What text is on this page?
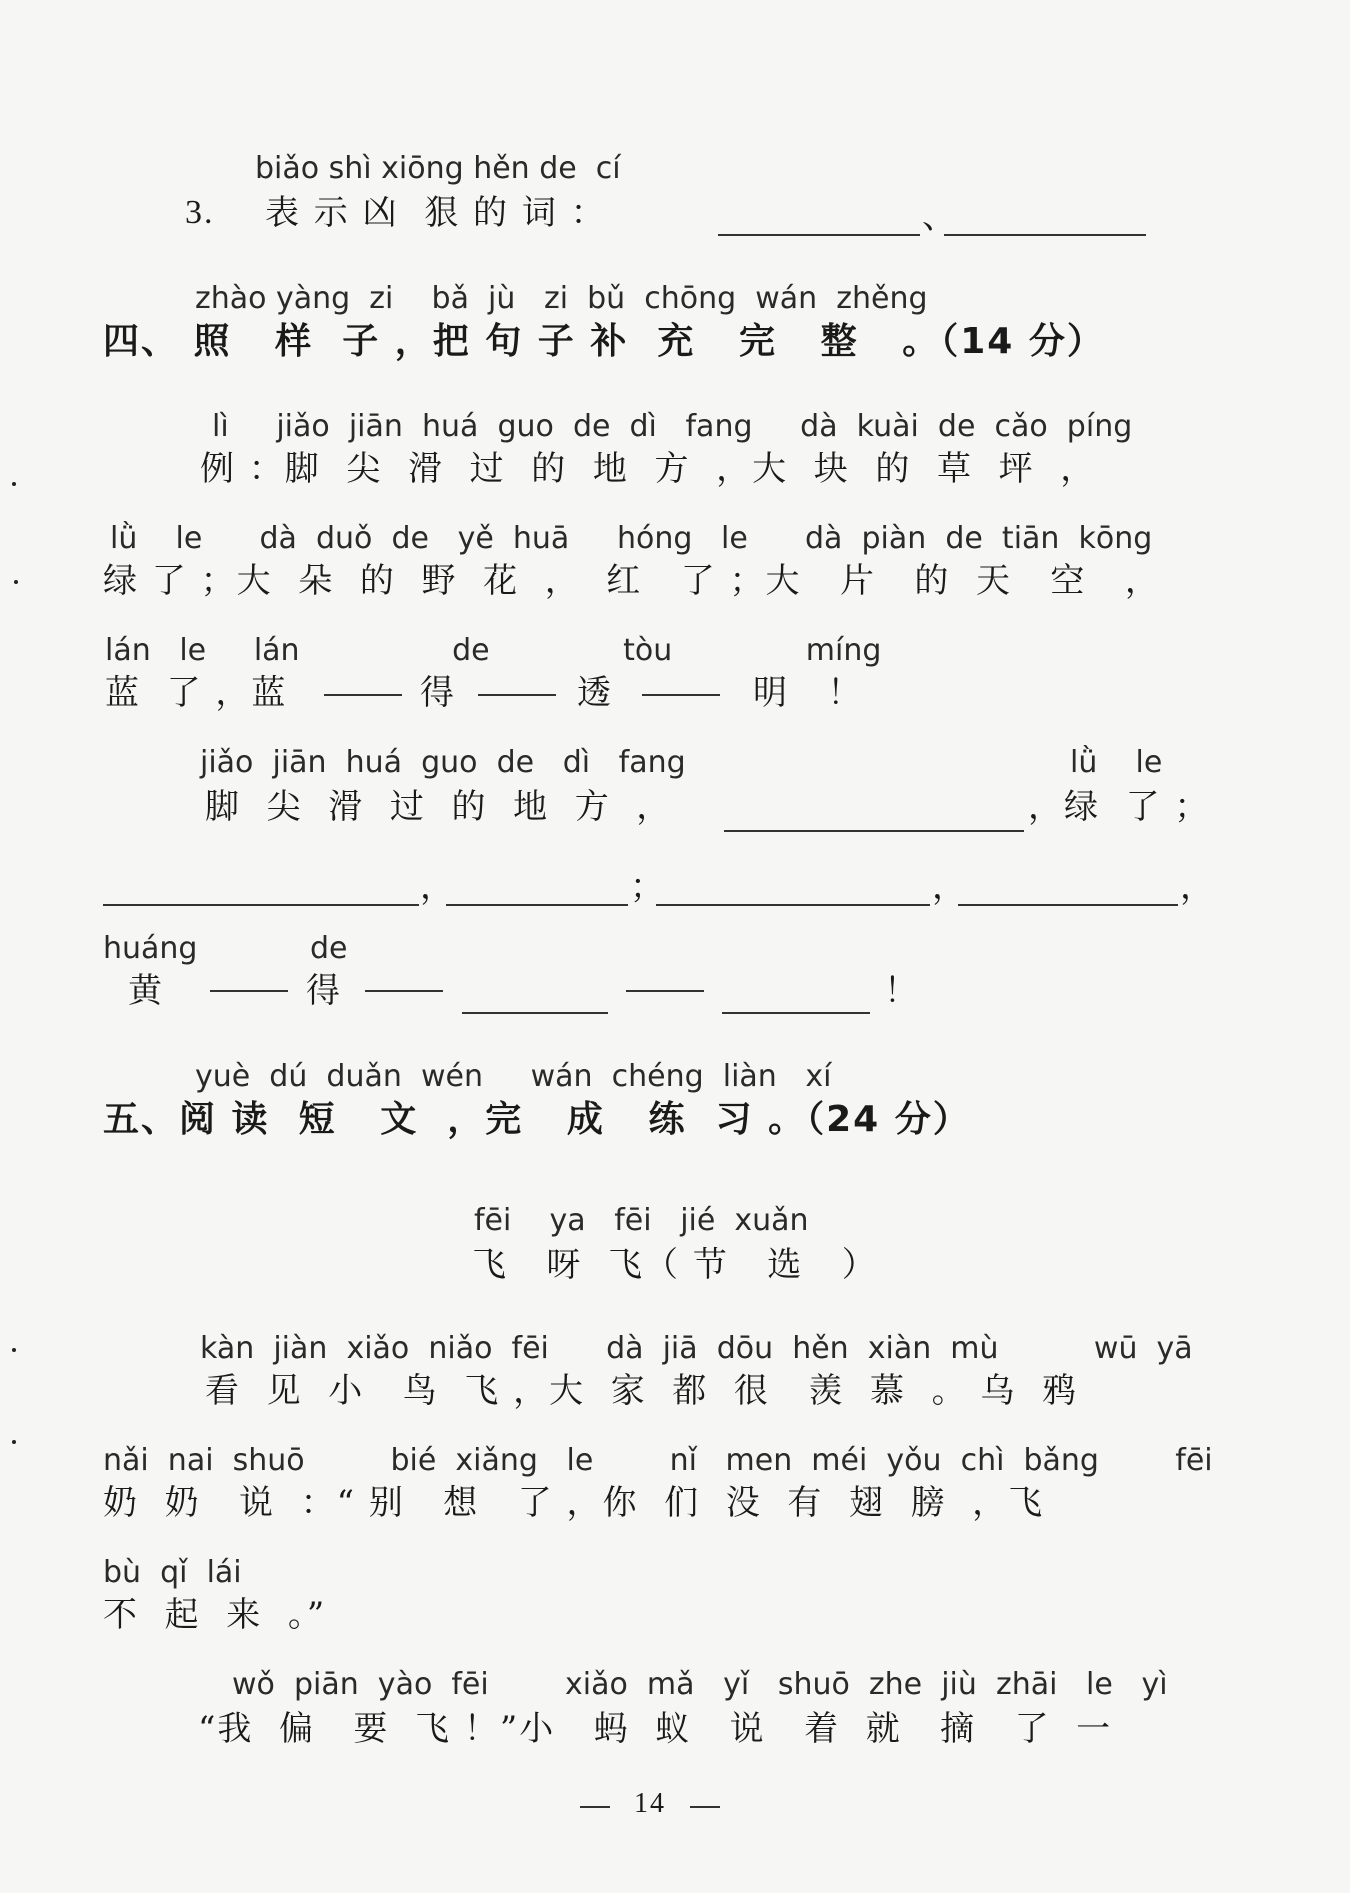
biǎo shì xiōng hěn de  cí
3. 表 示 凶  狠 的 词 ：	、
zhào yàng  zi    bǎ  jù   zi  bǔ  chōng  wán  zhěng
四、 照   样  子 ，把 句 子 补  充   完   整   。（14 分）
lì     jiǎo  jiān  huá  guo  de  dì   fang     dà  kuài  de  cǎo  píng
例 ：脚  尖  滑  过  的  地  方  ，大  块  的  草  坪  ，
lǜ    le      dà  duǒ  de   yě  huā     hóng   le      dà  piàn  de  tiān  kōng
绿 了 ；大  朵  的  野  花  ，  红   了 ；大   片   的  天   空   ，
lán   le     lán                de              tòu              míng
蓝  了 ，蓝	得	透	明   ！
jiǎo  jiān  huá  guo  de   dì   fang	lǜ    le
脚  尖  滑  过  的  地  方  ，	，绿  了 ；
，	；	，	，
huáng	de
黄	得	！
yuè  dú  duǎn  wén     wán  chéng  liàn   xí
五、阅 读  短   文  ，完   成   练  习 。（24 分）
fēi    ya   fēi   jié  xuǎn
飞   呀  飞（ 节   选   ）
kàn  jiàn  xiǎo  niǎo  fēi      dà  jiā  dōu  hěn  xiàn  mù          wū  yā
看  见  小   鸟  飞 ，大  家  都  很   羡  慕  。 乌  鸦
nǎi  nai  shuō         bié  xiǎng   le        nǐ   men  méi  yǒu  chì  bǎng        fēi
奶  奶   说  ：“ 别   想   了 ，你  们  没  有  翅  膀  ，飞
bù  qǐ  lái
不  起  来  。”
wǒ  piān  yào  fēi        xiǎo  mǎ   yǐ   shuō  zhe  jiù  zhāi   le   yì
“我  偏   要  飞 ！”小   蚂  蚁   说   着  就   摘   了  一
14
